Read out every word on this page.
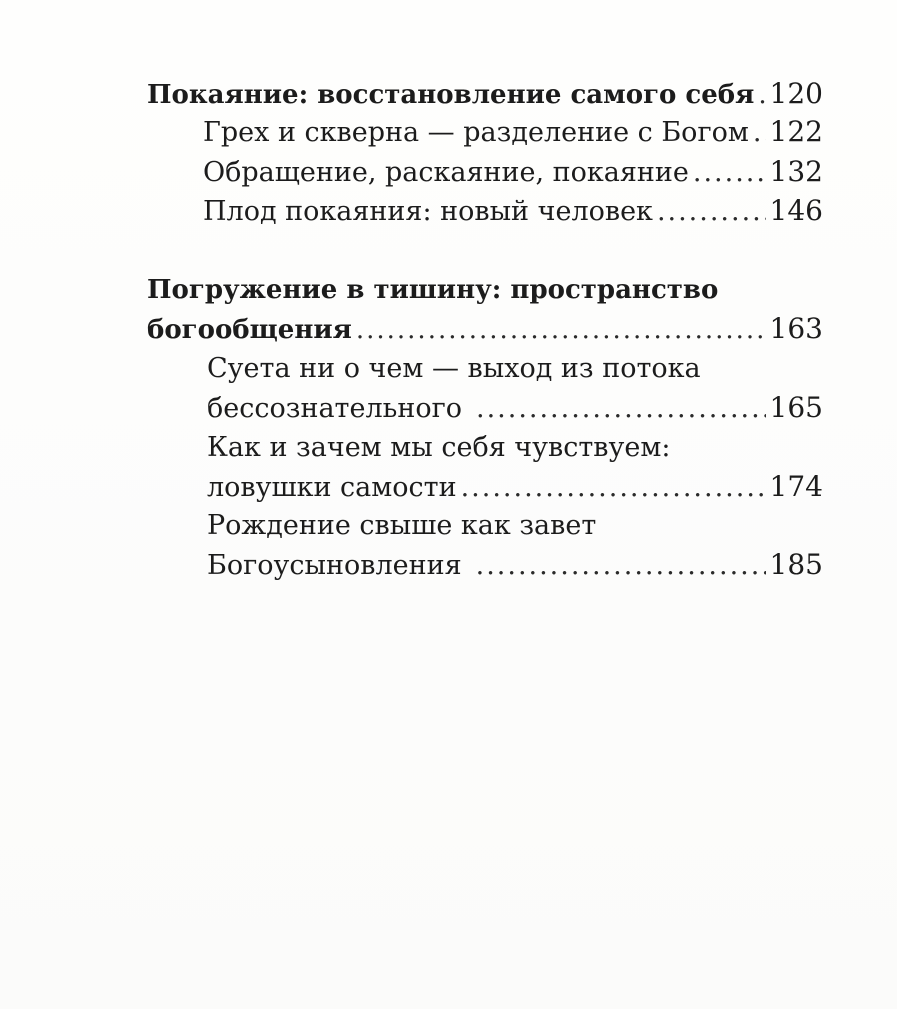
Покаяние: восстановление самого себя ..... 120
Грех и скверна — разделение с Богом ..... 122
Обращение, раскаяние, покаяние .....	132
Плод покаяния: новый человек .....	146
Погружение в тишину: пространство
богообщения .....	163
Суета ни о чем — выход из потока
бессознательного .....	165
Как и зачем мы себя чувствуем:
ловушки самости .....	174
Рождение свыше как завет
Богоусыновления .....	185
